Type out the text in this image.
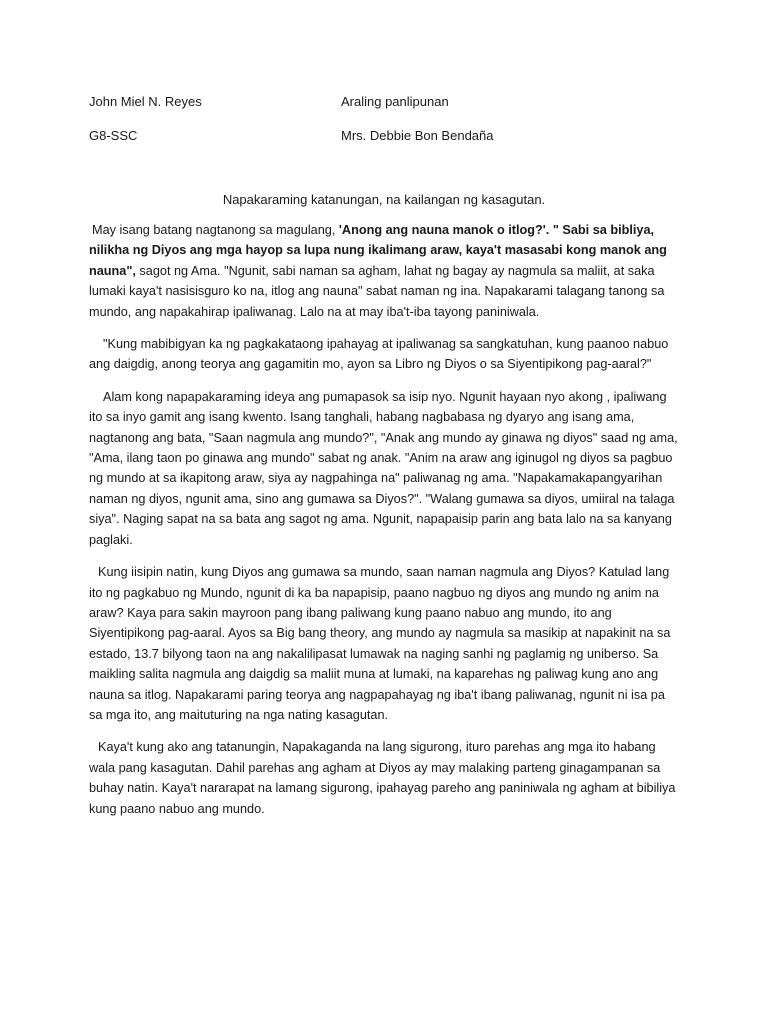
John Miel N. Reyes	Araling panlipunan
G8-SSC	Mrs. Debbie Bon Bendaña
Napakaraming katanungan, na kailangan ng kasagutan.

May isang batang nagtanong sa magulang, 'Anong ang nauna manok o itlog?'. " Sabi sa bibliya, nilikha ng Diyos ang mga hayop sa lupa nung ikalimang araw, kaya't masasabi kong manok ang nauna", sagot ng Ama. "Ngunit, sabi naman sa agham, lahat ng bagay ay nagmula sa maliit, at saka lumaki kaya't nasisisguro ko na, itlog ang nauna" sabat naman ng ina. Napakarami talagang tanong sa mundo, ang napakahirap ipaliwanag. Lalo na at may iba't-iba tayong paniniwala.

"Kung mabibigyan ka ng pagkakataong ipahayag at ipaliwanag sa sangkatuhan, kung paanoo nabuo ang daigdig, anong teorya ang gagamitin mo, ayon sa Libro ng Diyos o sa Siyentipikong pag-aaral?"

Alam kong napapakaraming ideya ang pumapasok sa isip nyo. Ngunit hayaan nyo akong , ipaliwang ito sa inyo gamit ang isang kwento. Isang tanghali, habang nagbabasa ng dyaryo ang isang ama, nagtanong ang bata, "Saan nagmula ang mundo?", "Anak ang mundo ay ginawa ng diyos" saad ng ama, "Ama, ilang taon po ginawa ang mundo" sabat ng anak. "Anim na araw ang iginugol ng diyos sa pagbuo ng mundo at sa ikapitong araw, siya ay nagpahinga na" paliwanag ng ama. "Napakamakapangyarihan naman ng diyos, ngunit ama, sino ang gumawa sa Diyos?". "Walang gumawa sa diyos, umiiral na talaga siya". Naging sapat na sa bata ang sagot ng ama. Ngunit, napapaisip parin ang bata lalo na sa kanyang paglaki.

Kung iisipin natin, kung Diyos ang gumawa sa mundo, saan naman nagmula ang Diyos? Katulad lang ito ng pagkabuo ng Mundo, ngunit di ka ba napapisip, paano nagbuo ng diyos ang mundo ng anim na araw? Kaya para sakin mayroon pang ibang paliwang kung paano nabuo ang mundo, ito ang Siyentipikong pag-aaral. Ayos sa Big bang theory, ang mundo ay nagmula sa masikip at napakinit na sa estado, 13.7 bilyong taon na ang nakalilipasat lumawak na naging sanhi ng paglamig ng uniberso. Sa maikling salita nagmula ang daigdig sa maliit muna at lumaki, na kaparehas ng paliwag kung ano ang nauna sa itlog. Napakarami paring teorya ang nagpapahayag ng iba't ibang paliwanag, ngunit ni isa pa sa mga ito, ang maituturing na nga nating kasagutan.

Kaya't kung ako ang tatanungin, Napakaganda na lang sigurong, ituro parehas ang mga ito habang wala pang kasagutan. Dahil parehas ang agham at Diyos ay may malaking parteng ginagampanan sa buhay natin. Kaya't nararapat na lamang sigurong, ipahayag pareho ang paniniwala ng agham at bibiliya kung paano nabuo ang mundo.
